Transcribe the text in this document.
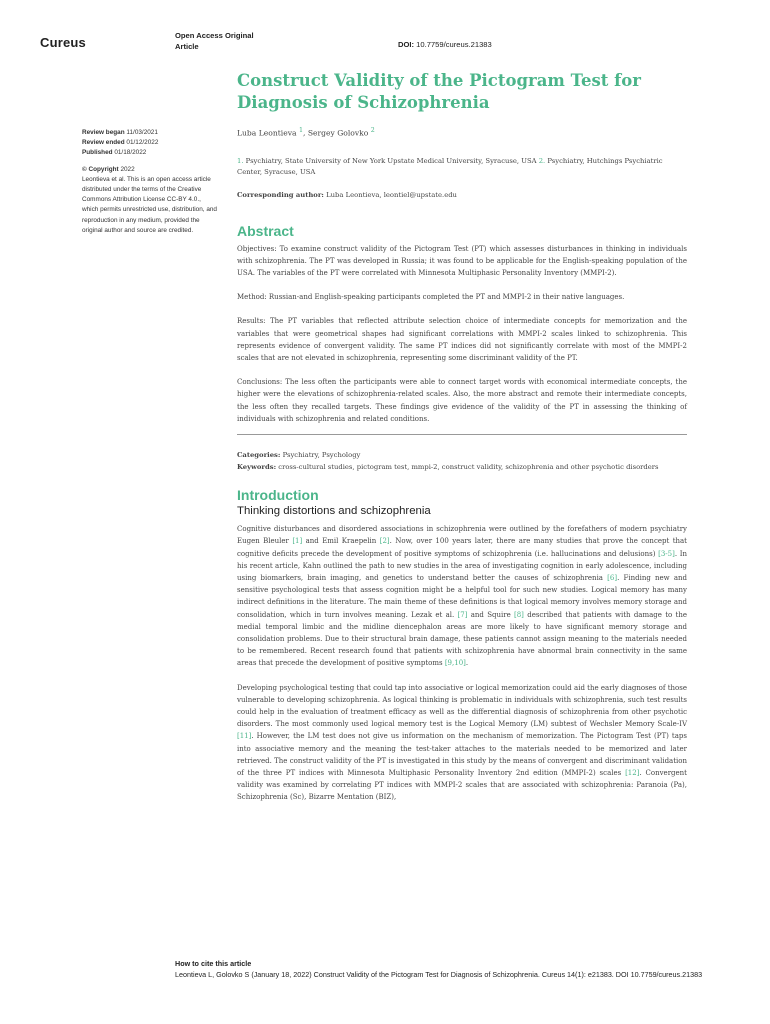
Cureus	Open Access Original
Article	DOI: 10.7759/cureus.21383
Review began 11/03/2021
Review ended 01/12/2022
Published 01/18/2022
© Copyright 2022
Leontieva et al. This is an open access article distributed under the terms of the Creative Commons Attribution License CC-BY 4.0., which permits unrestricted use, distribution, and reproduction in any medium, provided the original author and source are credited.
Construct Validity of the Pictogram Test for Diagnosis of Schizophrenia
Luba Leontieva $^1$, Sergey Golovko $^2$
1. Psychiatry, State University of New York Upstate Medical University, Syracuse, USA 2. Psychiatry, Hutchings Psychiatric Center, Syracuse, USA
Corresponding author: Luba Leontieva, leontiel@upstate.edu
Abstract

Objectives: To examine construct validity of the Pictogram Test (PT) which assesses disturbances in thinking in individuals with schizophrenia. The PT was developed in Russia; it was found to be applicable for the English-speaking population of the USA. The variables of the PT were correlated with Minnesota Multiphasic Personality Inventory (MMPI-2).

Method: Russian-and English-speaking participants completed the PT and MMPI-2 in their native languages.

Results: The PT variables that reflected attribute selection choice of intermediate concepts for memorization and the variables that were geometrical shapes had significant correlations with MMPI-2 scales linked to schizophrenia. This represents evidence of convergent validity. The same PT indices did not significantly correlate with most of the MMPI-2 scales that are not elevated in schizophrenia, representing some discriminant validity of the PT.

Conclusions: The less often the participants were able to connect target words with economical intermediate concepts, the higher were the elevations of schizophrenia-related scales. Also, the more abstract and remote their intermediate concepts, the less often they recalled targets. These findings give evidence of the validity of the PT in assessing the thinking of individuals with schizophrenia and related conditions.

Categories: Psychiatry, Psychology
Keywords: cross-cultural studies, pictogram test, mmpi-2, construct validity, schizophrenia and other psychotic disorders
Introduction
Thinking distortions and schizophrenia

Cognitive disturbances and disordered associations in schizophrenia were outlined by the forefathers of modern psychiatry Eugen Bleuler [1] and Emil Kraepelin [2]. Now, over 100 years later, there are many studies that prove the concept that cognitive deficits precede the development of positive symptoms of schizophrenia (i.e. hallucinations and delusions) [3-5]. In his recent article, Kahn outlined the path to new studies in the area of investigating cognition in early adolescence, including using biomarkers, brain imaging, and genetics to understand better the causes of schizophrenia [6]. Finding new and sensitive psychological tests that assess cognition might be a helpful tool for such new studies. Logical memory has many indirect definitions in the literature. The main theme of these definitions is that logical memory involves memory storage and consolidation, which in turn involves meaning. Lezak et al. [7] and Squire [8] described that patients with damage to the medial temporal limbic and the midline diencephalon areas are more likely to have significant memory storage and consolidation problems. Due to their structural brain damage, these patients cannot assign meaning to the materials needed to be remembered. Recent research found that patients with schizophrenia have abnormal brain connectivity in the same areas that precede the development of positive symptoms [9,10].

Developing psychological testing that could tap into associative or logical memorization could aid the early diagnoses of those vulnerable to developing schizophrenia. As logical thinking is problematic in individuals with schizophrenia, such test results could help in the evaluation of treatment efficacy as well as the differential diagnosis of schizophrenia from other psychotic disorders. The most commonly used logical memory test is the Logical Memory (LM) subtest of Wechsler Memory Scale-IV [11]. However, the LM test does not give us information on the mechanism of memorization. The Pictogram Test (PT) taps into associative memory and the meaning the test-taker attaches to the materials needed to be memorized and later retrieved. The construct validity of the PT is investigated in this study by the means of convergent and discriminant validation of the three PT indices with Minnesota Multiphasic Personality Inventory 2nd edition (MMPI-2) scales [12]. Convergent validity was examined by correlating PT indices with MMPI-2 scales that are associated with schizophrenia: Paranoia (Pa), Schizophrenia (Sc), Bizarre Mentation (BIZ),

How to cite this article
Leontieva L, Golovko S (January 18, 2022) Construct Validity of the Pictogram Test for Diagnosis of Schizophrenia. Cureus 14(1): e21383. DOI 10.7759/cureus.21383
